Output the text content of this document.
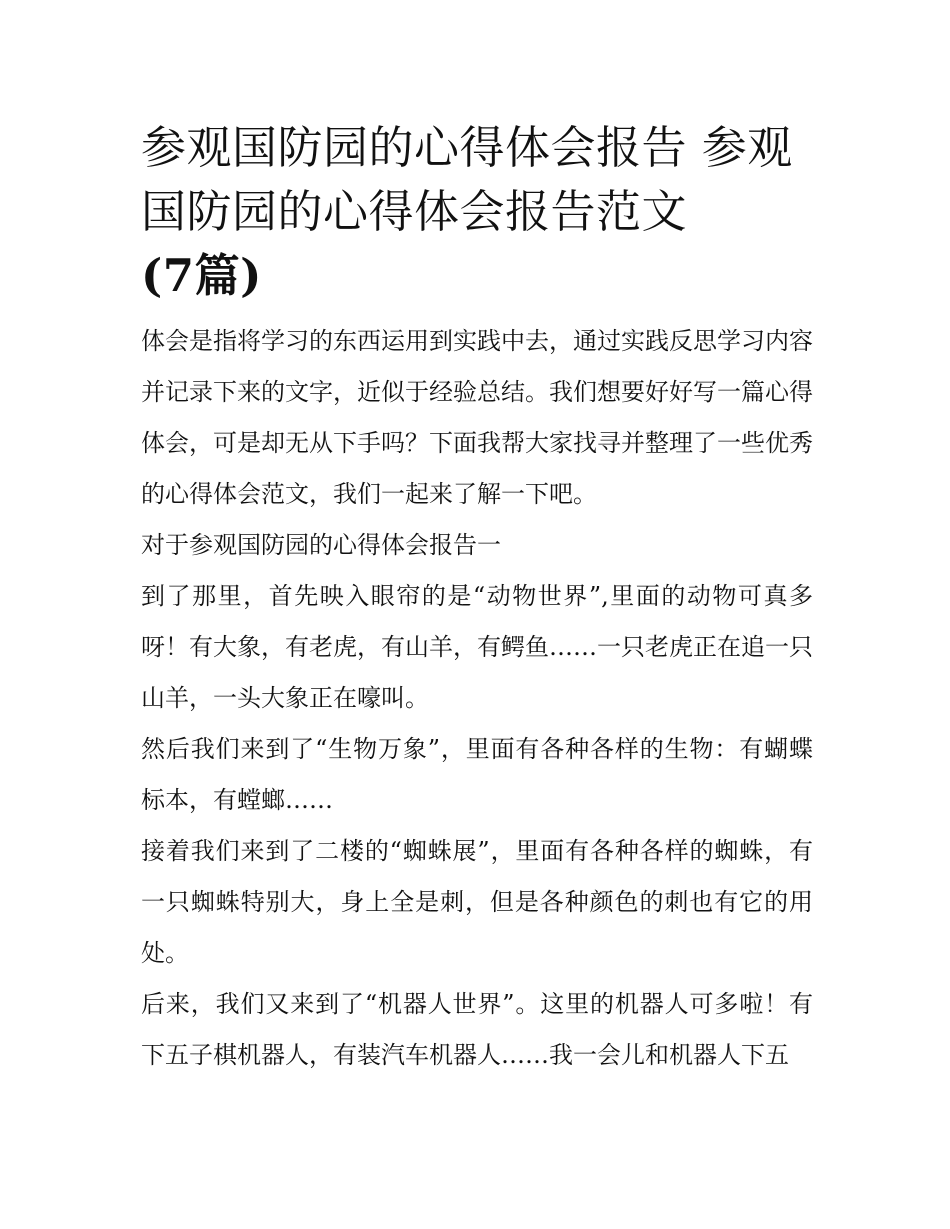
参观国防园的心得体会报告 参观国防园的心得体会报告范文
(7篇)

体会是指将学习的东西运用到实践中去，通过实践反思学习内容并记录下来的文字，近似于经验总结。我们想要好好写一篇心得体会，可是却无从下手吗？下面我帮大家找寻并整理了一些优秀的心得体会范文，我们一起来了解一下吧。

对于参观国防园的心得体会报告一

到了那里，首先映入眼帘的是“动物世界”,里面的动物可真多呀！有大象，有老虎，有山羊，有鳄鱼……一只老虎正在追一只山羊，一头大象正在嚎叫。

然后我们来到了“生物万象”，里面有各种各样的生物：有蝴蝶标本，有螳螂……

接着我们来到了二楼的“蜘蛛展”，里面有各种各样的蜘蛛，有一只蜘蛛特别大，身上全是刺，但是各种颜色的刺也有它的用处。

后来，我们又来到了“机器人世界”。这里的机器人可多啦！有下五子棋机器人，有装汽车机器人……我一会儿和机器人下五
